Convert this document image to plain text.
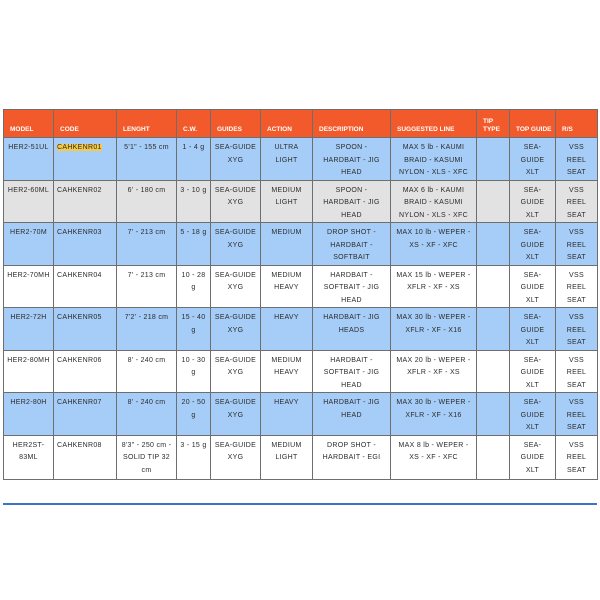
MODEL	CODE	LENGHT	C.W.	GUIDES	ACTION	DESCRIPTION	SUGGESTED LINE	TIP TYPE	TOP GUIDE	R/S
HER2-51UL	CAHKENR01	5'1" - 155 cm	1 - 4 g	SEA-GUIDE XYG	ULTRA LIGHT	SPOON - HARDBAIT - JIG HEAD	MAX 5 lb - KAUMI BRAID - KASUMI NYLON - XLS - XFC		SEA-GUIDE XLT	VSS REEL SEAT
HER2-60ML	CAHKENR02	6' - 180 cm	3 - 10 g	SEA-GUIDE XYG	MEDIUM LIGHT	SPOON - HARDBAIT - JIG HEAD	MAX 6 lb - KAUMI BRAID - KASUMI NYLON - XLS - XFC		SEA-GUIDE XLT	VSS REEL SEAT
HER2-70M	CAHKENR03	7' - 213 cm	5 - 18 g	SEA-GUIDE XYG	MEDIUM	DROP SHOT - HARDBAIT - SOFTBAIT	MAX 10 lb - WEPER - XS - XF - XFC		SEA-GUIDE XLT	VSS REEL SEAT
HER2-70MH	CAHKENR04	7' - 213 cm	10 - 28 g	SEA-GUIDE XYG	MEDIUM HEAVY	HARDBAIT - SOFTBAIT - JIG HEAD	MAX 15 lb - WEPER - XFLR - XF - XS		SEA-GUIDE XLT	VSS REEL SEAT
HER2-72H	CAHKENR05	7'2' - 218 cm	15 - 40 g	SEA-GUIDE XYG	HEAVY	HARDBAIT - JIG HEADS	MAX 30 lb - WEPER - XFLR - XF - X16		SEA-GUIDE XLT	VSS REEL SEAT
HER2-80MH	CAHKENR06	8' - 240 cm	10 - 30 g	SEA-GUIDE XYG	MEDIUM HEAVY	HARDBAIT - SOFTBAIT - JIG HEAD	MAX 20 lb - WEPER - XFLR - XF - XS		SEA-GUIDE XLT	VSS REEL SEAT
HER2-80H	CAHKENR07	8' - 240 cm	20 - 50 g	SEA-GUIDE XYG	HEAVY	HARDBAIT - JIG HEAD	MAX 30 lb - WEPER - XFLR - XF - X16		SEA-GUIDE XLT	VSS REEL SEAT
HER2ST-83ML	CAHKENR08	8'3" - 250 cm - SOLID TIP 32 cm	3 - 15 g	SEA-GUIDE XYG	MEDIUM LIGHT	DROP SHOT - HARDBAIT - EGI	MAX 8 lb - WEPER - XS - XF - XFC		SEA-GUIDE XLT	VSS REEL SEAT
